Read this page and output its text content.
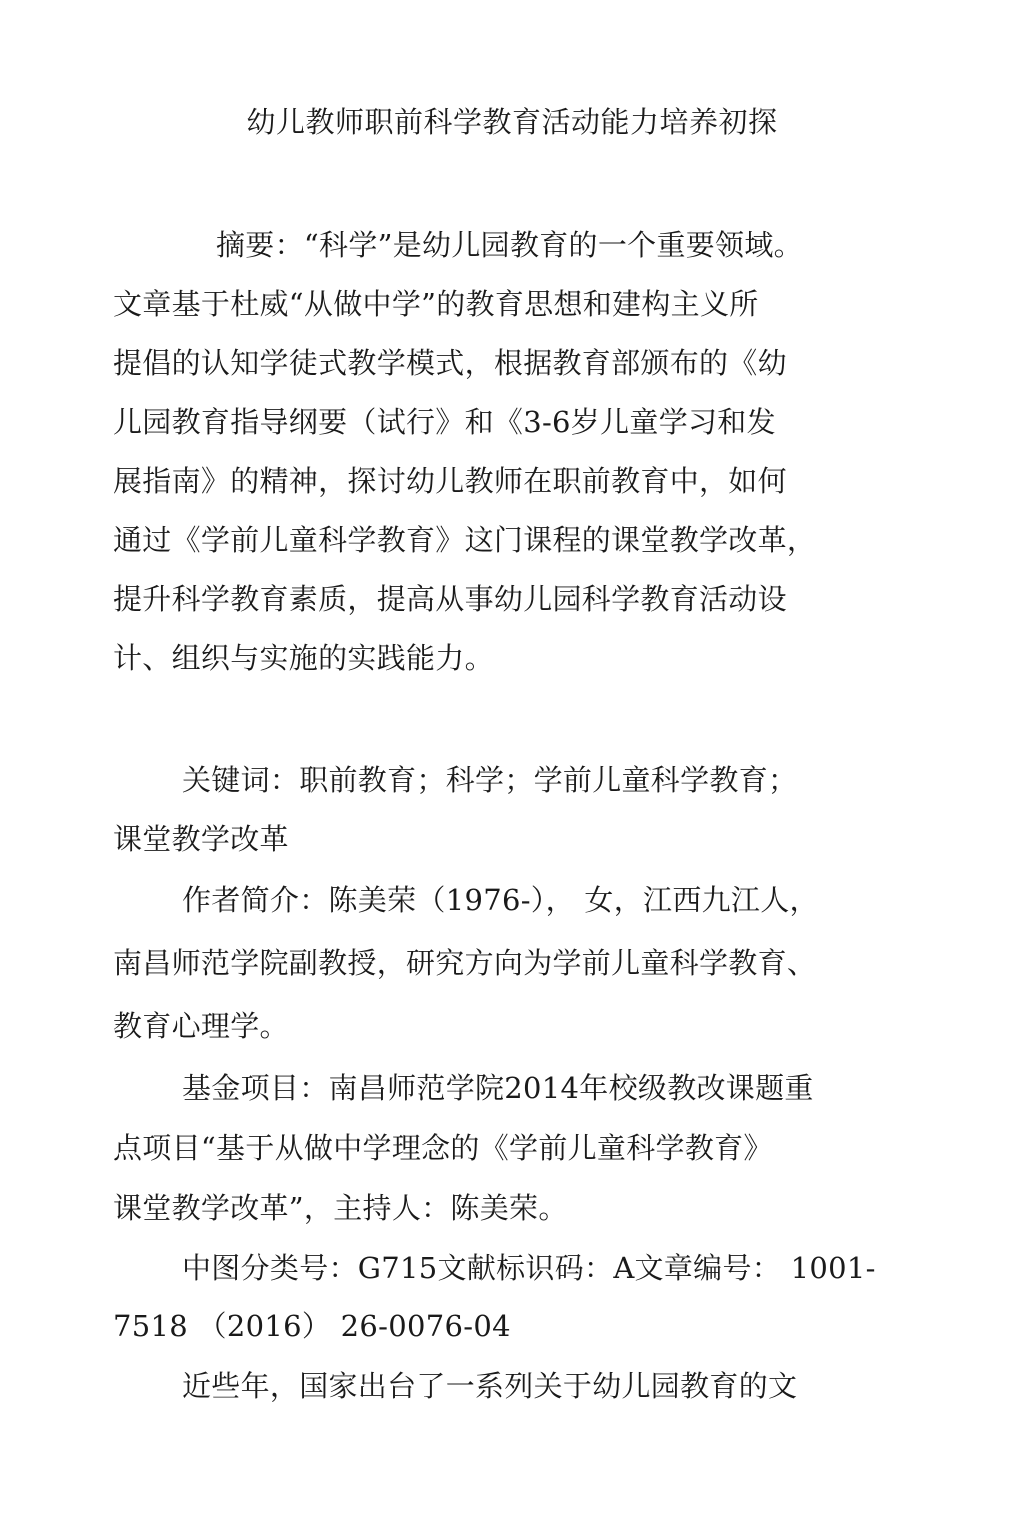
幼儿教师职前科学教育活动能力培养初探
摘要：“科学”是幼儿园教育的一个重要领域。
文章基于杜威“从做中学”的教育思想和建构主义所
提倡的认知学徒式教学模式，根据教育部颁布的《幼
儿园教育指导纲要（试行》和《3-6岁儿童学习和发
展指南》的精神，探讨幼儿教师在职前教育中，如何
通过《学前儿童科学教育》这门课程的课堂教学改革，
提升科学教育素质，提高从事幼儿园科学教育活动设
计、组织与实施的实践能力。
关键词：职前教育；科学；学前儿童科学教育；
课堂教学改革
作者简介：陈美荣（1976-）， 女，江西九江人，
南昌师范学院副教授，研究方向为学前儿童科学教育、
教育心理学。
基金项目：南昌师范学院2014年校级教改课题重
点项目“基于从做中学理念的《学前儿童科学教育》
课堂教学改革”，主持人：陈美荣。
中图分类号：G715文献标识码：A文章编号： 1001-
7518 （2016） 26-0076-04
近些年，国家出台了一系列关于幼儿园教育的文
